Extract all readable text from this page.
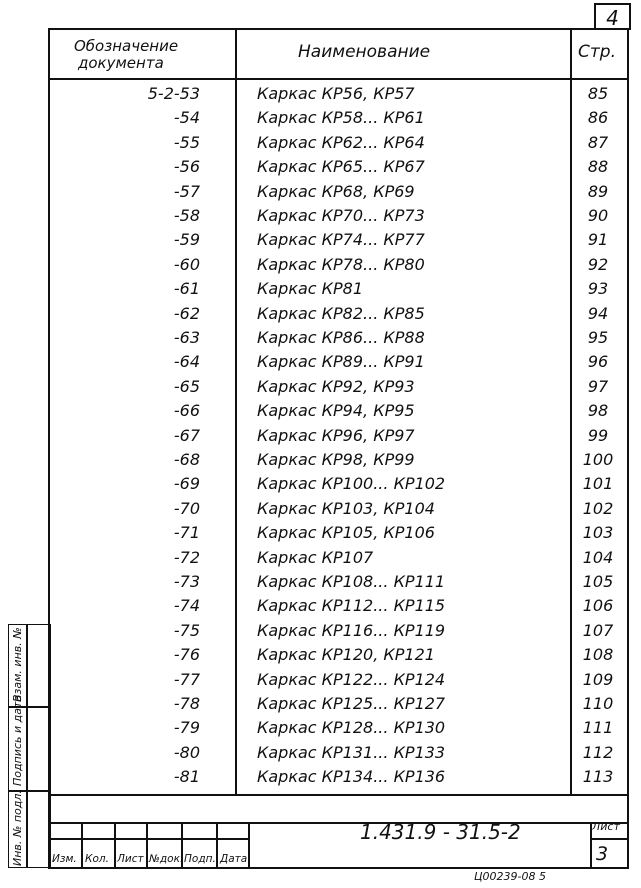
4
Обозначение
документа
Наименование	Стр.
5-2-53	Каркас КР56, КР57	85
-54	Каркас КР58... КР61	86
-55	Каркас КР62... КР64	87
-56	Каркас КР65... КР67	88
-57	Каркас КР68, КР69	89
-58	Каркас КР70... КР73	90
-59	Каркас КР74... КР77	91
-60	Каркас КР78... КР80	92
-61	Каркас КР81	93
-62	Каркас КР82... КР85	94
-63	Каркас КР86... КР88	95
-64	Каркас КР89... КР91	96
-65	Каркас КР92, КР93	97
-66	Каркас КР94, КР95	98
-67	Каркас КР96, КР97	99
-68	Каркас КР98, КР99	100
-69	Каркас КР100... КР102	101
-70	Каркас КР103, КР104	102
-71	Каркас КР105, КР106	103
-72	Каркас КР107	104
-73	Каркас КР108... КР111	105
-74	Каркас КР112... КР115	106
-75	Каркас КР116... КР119	107
-76	Каркас КР120, КР121	108
-77	Каркас КР122... КР124	109
-78	Каркас КР125... КР127	110
-79	Каркас КР128... КР130	111
-80	Каркас КР131... КР133	112
-81	Каркас КР134... КР136	113
Изм. Кол. Лист №док. Подп. Дата
1.431.9 - 31.5-2	Лист
3
Инв. № подл.
Подпись и дата
Взам. инв. №
Ц00239-08 5
